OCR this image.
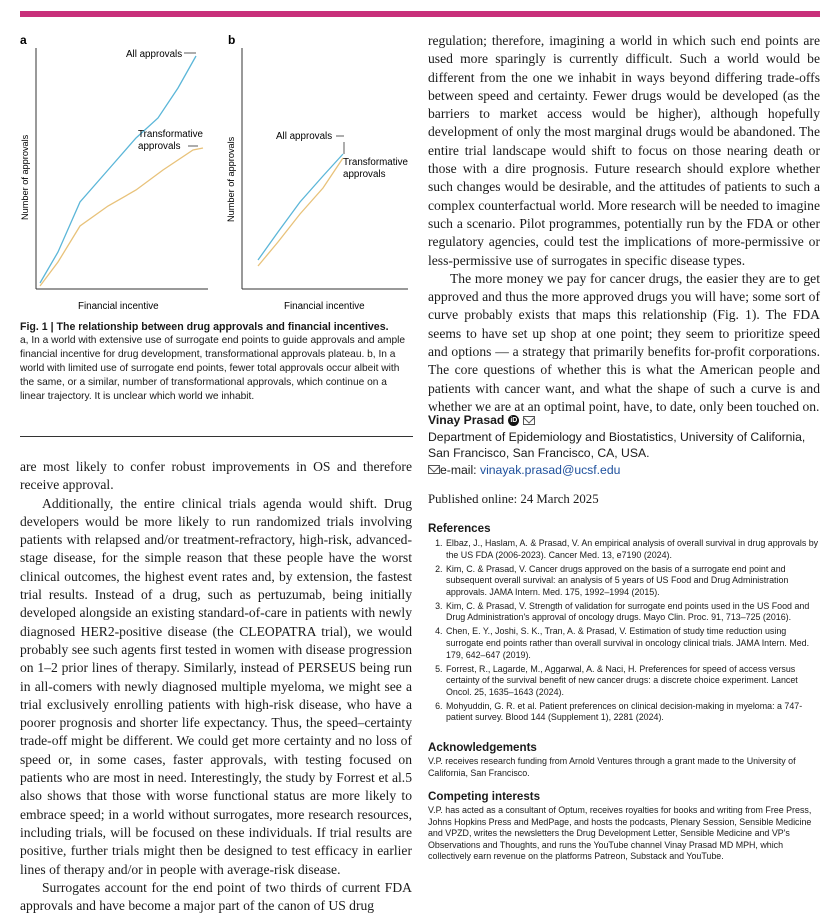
a
All approvals
Transformative
approvals
Number of approvals
Financial incentive
b
All approvals
Transformative
approvals
Number of approvals
Financial incentive
Fig. 1 | The relationship between drug approvals and financial incentives.
a, In a world with extensive use of surrogate end points to guide approvals and ample financial incentive for drug development, transformational approvals plateau. b, In a world with limited use of surrogate end points, fewer total approvals occur albeit with the same, or a similar, number of transformational approvals, which continue on a linear trajectory. It is unclear which world we inhabit.

are most likely to confer robust improvements in OS and therefore receive approval.

Additionally, the entire clinical trials agenda would shift. Drug developers would be more likely to run randomized trials involving patients with relapsed and/or treatment-refractory, high-risk, advanced-stage disease, for the simple reason that these people have the worst clinical outcomes, the highest event rates and, by extension, the fastest trial results. Instead of a drug, such as pertuzumab, being initially developed alongside an existing standard-of-care in patients with newly diagnosed HER2-positive disease (the CLEOPATRA trial), we would probably see such agents first tested in women with disease progression on 1–2 prior lines of therapy. Similarly, instead of PERSEUS being run in all-comers with newly diagnosed multiple myeloma, we might see a trial exclusively enrolling patients with high-risk disease, who have a poorer prognosis and shorter life expectancy. Thus, the speed–certainty trade-off might be different. We could get more certainty and no loss of speed or, in some cases, faster approvals, with testing focused on patients who are most in need. Interestingly, the study by Forrest et al.5 also shows that those with worse functional status are more likely to embrace speed; in a world without surrogates, more research resources, including trials, will be focused on these individuals. If trial results are positive, further trials might then be designed to test efficacy in earlier lines of therapy and/or in people with average-risk disease.

Surrogates account for the end point of two thirds of current FDA approvals and have become a major part of the canon of US drug

regulation; therefore, imagining a world in which such end points are used more sparingly is currently difficult. Such a world would be different from the one we inhabit in ways beyond differing trade-offs between speed and certainty. Fewer drugs would be developed (as the barriers to market access would be higher), although hopefully development of only the most marginal drugs would be abandoned. The entire trial landscape would shift to focus on those nearing death or those with a dire prognosis. Future research should explore whether such changes would be desirable, and the attitudes of patients to such a complex counterfactual world. More research will be needed to imagine such a scenario. Pilot programmes, potentially run by the FDA or other regulatory agencies, could test the implications of more-permissive or less-permissive use of surrogates in specific disease types.

The more money we pay for cancer drugs, the easier they are to get approved and thus the more approved drugs you will have; some sort of curve probably exists that maps this relationship (Fig. 1). The FDA seems to have set up shop at one point; they seem to prioritize speed and options — a strategy that primarily benefits for-profit corporations. The core questions of whether this is what the American people and patients with cancer want, and what the shape of such a curve is and whether we are at an optimal point, have, to date, only been touched on.

Vinay Prasad iD
Department of Epidemiology and Biostatistics, University of California, San Francisco, San Francisco, CA, USA.
e-mail: vinayak.prasad@ucsf.edu
Published online: 24 March 2025
References
1. Elbaz, J., Haslam, A. & Prasad, V. An empirical analysis of overall survival in drug approvals by the US FDA (2006-2023). Cancer Med. 13, e7190 (2024).
2. Kim, C. & Prasad, V. Cancer drugs approved on the basis of a surrogate end point and subsequent overall survival: an analysis of 5 years of US Food and Drug Administration approvals. JAMA Intern. Med. 175, 1992–1994 (2015).
3. Kim, C. & Prasad, V. Strength of validation for surrogate end points used in the US Food and Drug Administration's approval of oncology drugs. Mayo Clin. Proc. 91, 713–725 (2016).
4. Chen, E. Y., Joshi, S. K., Tran, A. & Prasad, V. Estimation of study time reduction using surrogate end points rather than overall survival in oncology clinical trials. JAMA Intern. Med. 179, 642–647 (2019).
5. Forrest, R., Lagarde, M., Aggarwal, A. & Naci, H. Preferences for speed of access versus certainty of the survival benefit of new cancer drugs: a discrete choice experiment. Lancet Oncol. 25, 1635–1643 (2024).
6. Mohyuddin, G. R. et al. Patient preferences on clinical decision-making in myeloma: a 747-patient survey. Blood 144 (Supplement 1), 2281 (2024).
Acknowledgements
V.P. receives research funding from Arnold Ventures through a grant made to the University of California, San Francisco.
Competing interests
V.P. has acted as a consultant of Optum, receives royalties for books and writing from Free Press, Johns Hopkins Press and MedPage, and hosts the podcasts, Plenary Session, Sensible Medicine and VPZD, writes the newsletters the Drug Development Letter, Sensible Medicine and VP's Observations and Thoughts, and runs the YouTube channel Vinay Prasad MD MPH, which collectively earn revenue on the platforms Patreon, Substack and YouTube.
